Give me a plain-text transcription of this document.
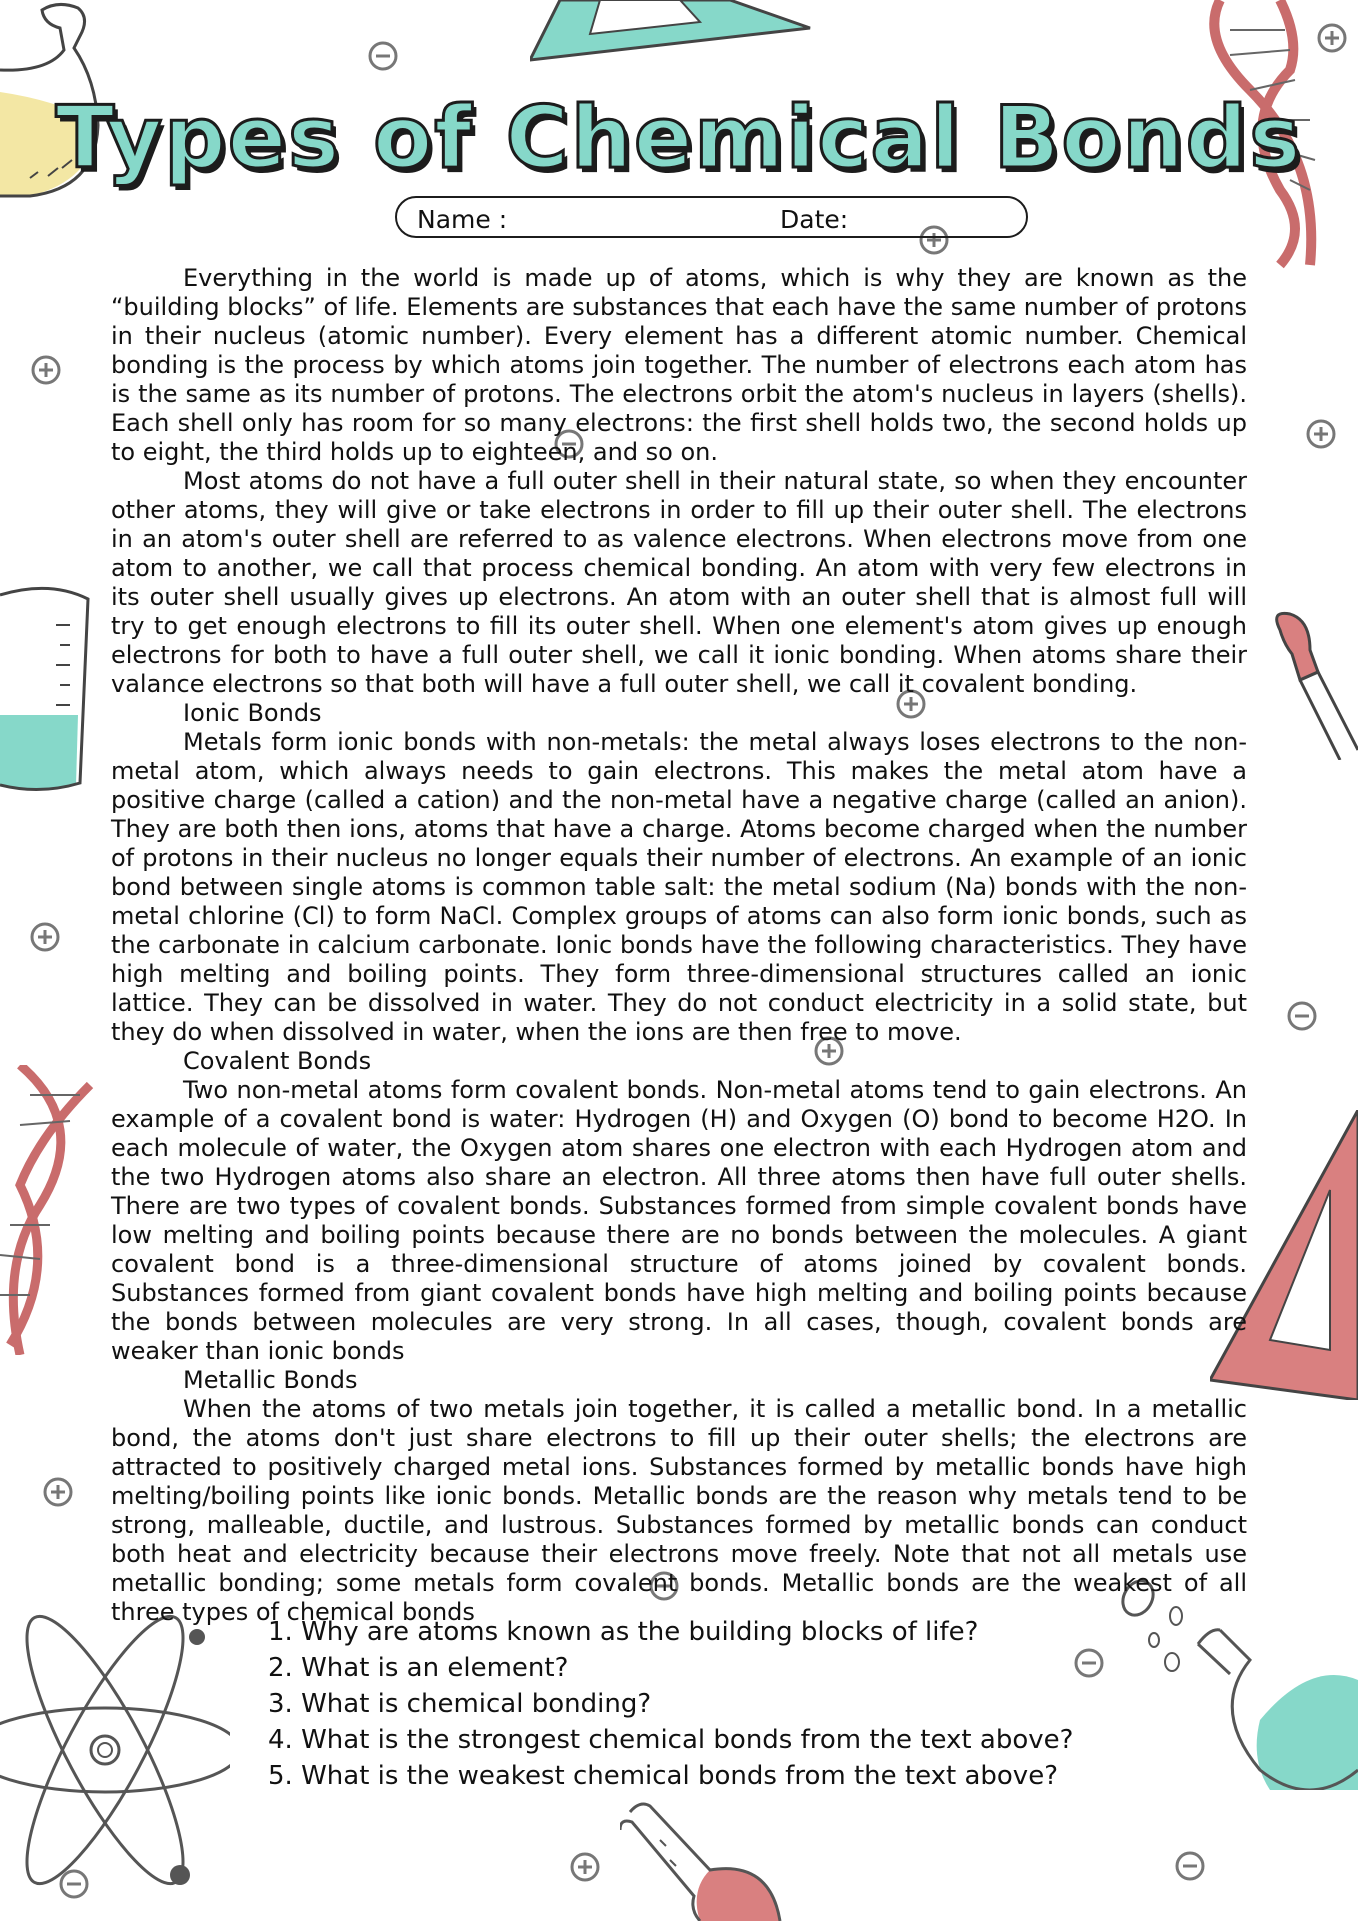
Types of Chemical Bonds
Name :	Date:

Everything in the world is made up of atoms, which is why they are known as the “building blocks” of life. Elements are substances that each have the same number of protons in their nucleus (atomic number). Every element has a different atomic number. Chemical bonding is the process by which atoms join together. The number of electrons each atom has is the same as its number of protons. The electrons orbit the atom's nucleus in layers (shells). Each shell only has room for so many electrons: the first shell holds two, the second holds up to eight, the third holds up to eighteen, and so on.

Most atoms do not have a full outer shell in their natural state, so when they encounter other atoms, they will give or take electrons in order to fill up their outer shell. The electrons in an atom's outer shell are referred to as valence electrons. When electrons move from one atom to another, we call that process chemical bonding. An atom with very few electrons in its outer shell usually gives up electrons. An atom with an outer shell that is almost full will try to get enough electrons to fill its outer shell. When one element's atom gives up enough electrons for both to have a full outer shell, we call it ionic bonding. When atoms share their valance electrons so that both will have a full outer shell, we call it covalent bonding.

Ionic Bonds

Metals form ionic bonds with non-metals: the metal always loses electrons to the non-metal atom, which always needs to gain electrons. This makes the metal atom have a positive charge (called a cation) and the non-metal have a negative charge (called an anion). They are both then ions, atoms that have a charge. Atoms become charged when the number of protons in their nucleus no longer equals their number of electrons. An example of an ionic bond between single atoms is common table salt: the metal sodium (Na) bonds with the non-metal chlorine (Cl) to form NaCl. Complex groups of atoms can also form ionic bonds, such as the carbonate in calcium carbonate. Ionic bonds have the following characteristics. They have high melting and boiling points. They form three-dimensional structures called an ionic lattice. They can be dissolved in water. They do not conduct electricity in a solid state, but they do when dissolved in water, when the ions are then free to move.

Covalent Bonds

Two non-metal atoms form covalent bonds. Non-metal atoms tend to gain electrons. An example of a covalent bond is water: Hydrogen (H) and Oxygen (O) bond to become H2O. In each molecule of water, the Oxygen atom shares one electron with each Hydrogen atom and the two Hydrogen atoms also share an electron. All three atoms then have full outer shells. There are two types of covalent bonds. Substances formed from simple covalent bonds have low melting and boiling points because there are no bonds between the molecules. A giant covalent bond is a three-dimensional structure of atoms joined by covalent bonds. Substances formed from giant covalent bonds have high melting and boiling points because the bonds between molecules are very strong. In all cases, though, covalent bonds are weaker than ionic bonds

Metallic Bonds

When the atoms of two metals join together, it is called a metallic bond. In a metallic bond, the atoms don't just share electrons to fill up their outer shells; the electrons are attracted to positively charged metal ions. Substances formed by metallic bonds have high melting/boiling points like ionic bonds. Metallic bonds are the reason why metals tend to be strong, malleable, ductile, and lustrous. Substances formed by metallic bonds can conduct both heat and electricity because their electrons move freely. Note that not all metals use metallic bonding; some metals form covalent bonds. Metallic bonds are the weakest of all three types of chemical bonds

1. Why are atoms known as the building blocks of life?
2. What is an element?
3. What is chemical bonding?
4. What is the strongest chemical bonds from the text above?
5. What is the weakest chemical bonds from the text above?
